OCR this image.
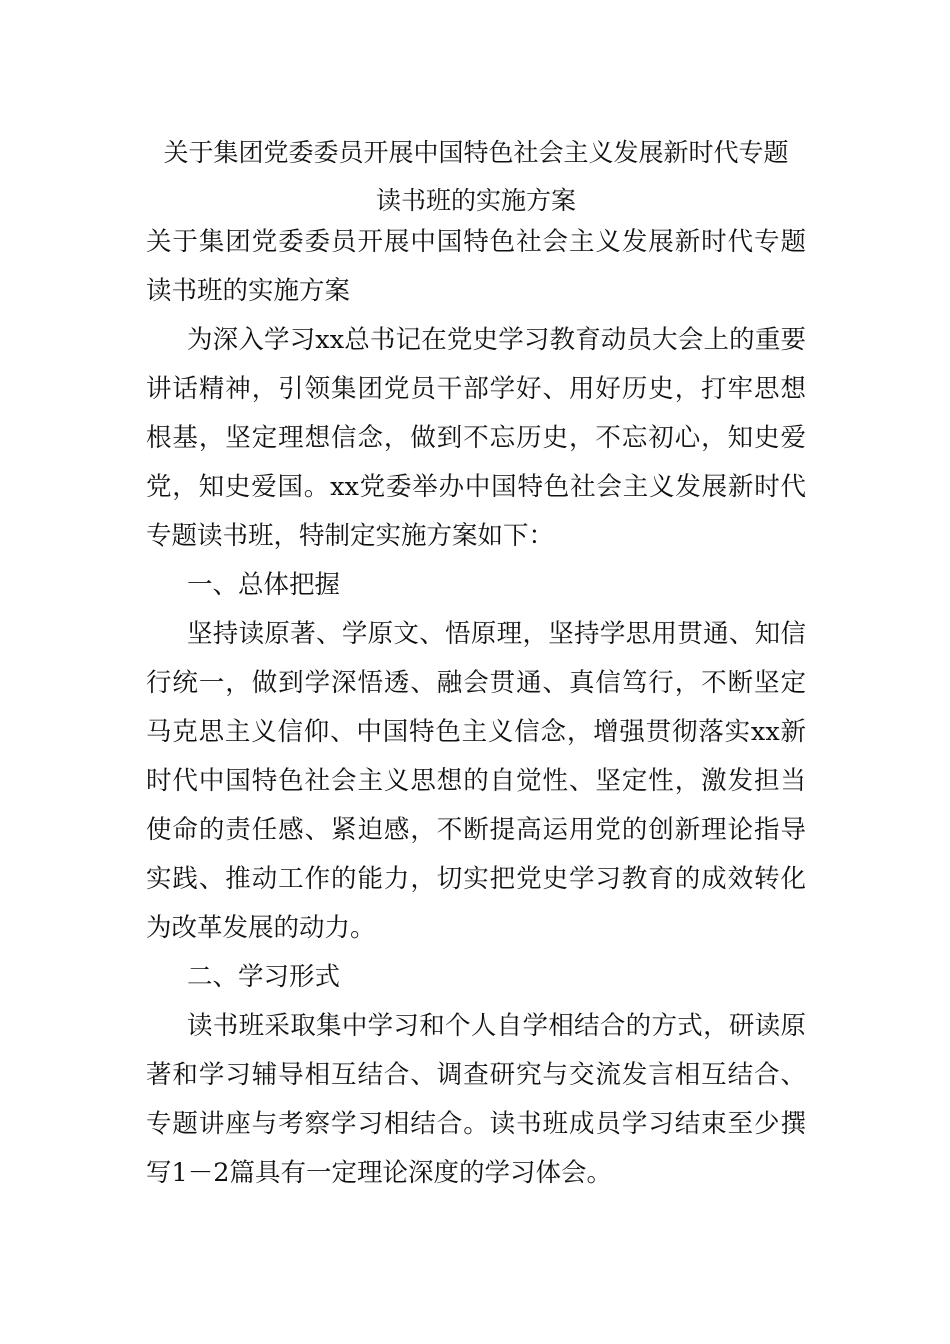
关于集团党委委员开展中国特色社会主义发展新时代专题
读书班的实施方案

关于集团党委委员开展中国特色社会主义发展新时代专题读书班的实施方案

为深入学习xx总书记在党史学习教育动员大会上的重要讲话精神，引领集团党员干部学好、用好历史，打牢思想根基，坚定理想信念，做到不忘历史，不忘初心，知史爱党，知史爱国。xx党委举办中国特色社会主义发展新时代专题读书班，特制定实施方案如下：

一、总体把握

坚持读原著、学原文、悟原理，坚持学思用贯通、知信行统一，做到学深悟透、融会贯通、真信笃行，不断坚定马克思主义信仰、中国特色主义信念，增强贯彻落实xx新时代中国特色社会主义思想的自觉性、坚定性，激发担当使命的责任感、紧迫感，不断提高运用党的创新理论指导实践、推动工作的能力，切实把党史学习教育的成效转化为改革发展的动力。

二、学习形式

读书班采取集中学习和个人自学相结合的方式，研读原著和学习辅导相互结合、调查研究与交流发言相互结合、专题讲座与考察学习相结合。读书班成员学习结束至少撰写1－2篇具有一定理论深度的学习体会。
